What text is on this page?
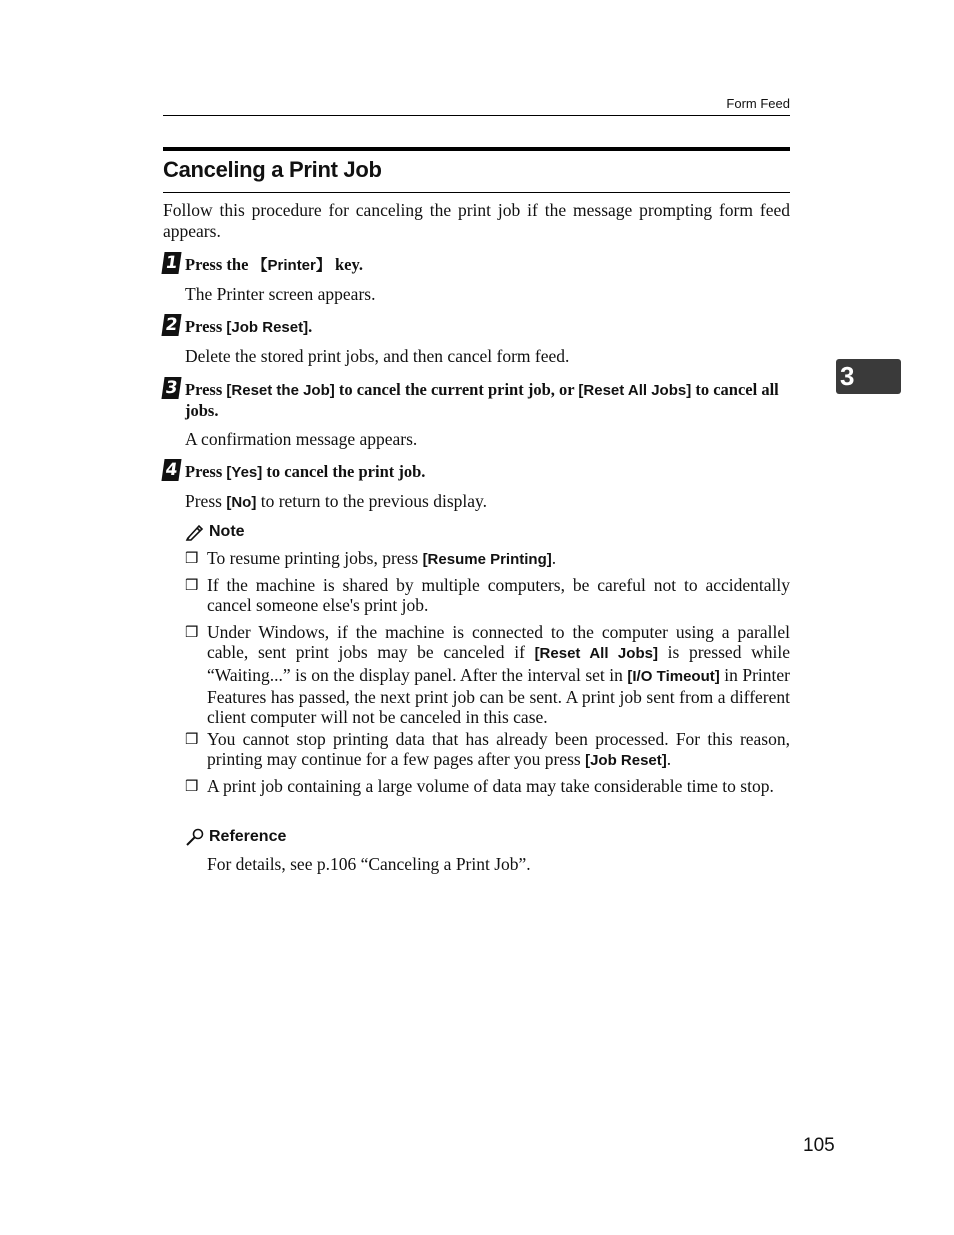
Form Feed
Canceling a Print Job
Follow this procedure for canceling the print job if the message prompting form feed appears.
1 Press the 【Printer】 key.
The Printer screen appears.
2 Press [Job Reset].
Delete the stored print jobs, and then cancel form feed.
3 Press [Reset the Job] to cancel the current print job, or [Reset All Jobs] to cancel all jobs.
A confirmation message appears.
4 Press [Yes] to cancel the print job.
Press [No] to return to the previous display.
Note
❒ To resume printing jobs, press [Resume Printing].
❒ If the machine is shared by multiple computers, be careful not to accidentally cancel someone else's print job.
❒ Under Windows, if the machine is connected to the computer using a parallel cable, sent print jobs may be canceled if [Reset All Jobs] is pressed while “Waiting...” is on the display panel. After the interval set in [I/O Timeout] in Printer Features has passed, the next print job can be sent. A print job sent from a different client computer will not be canceled in this case.
❒ You cannot stop printing data that has already been processed. For this reason, printing may continue for a few pages after you press [Job Reset].
❒ A print job containing a large volume of data may take considerable time to stop.
Reference
For details, see p.106 “Canceling a Print Job”.
3
105
